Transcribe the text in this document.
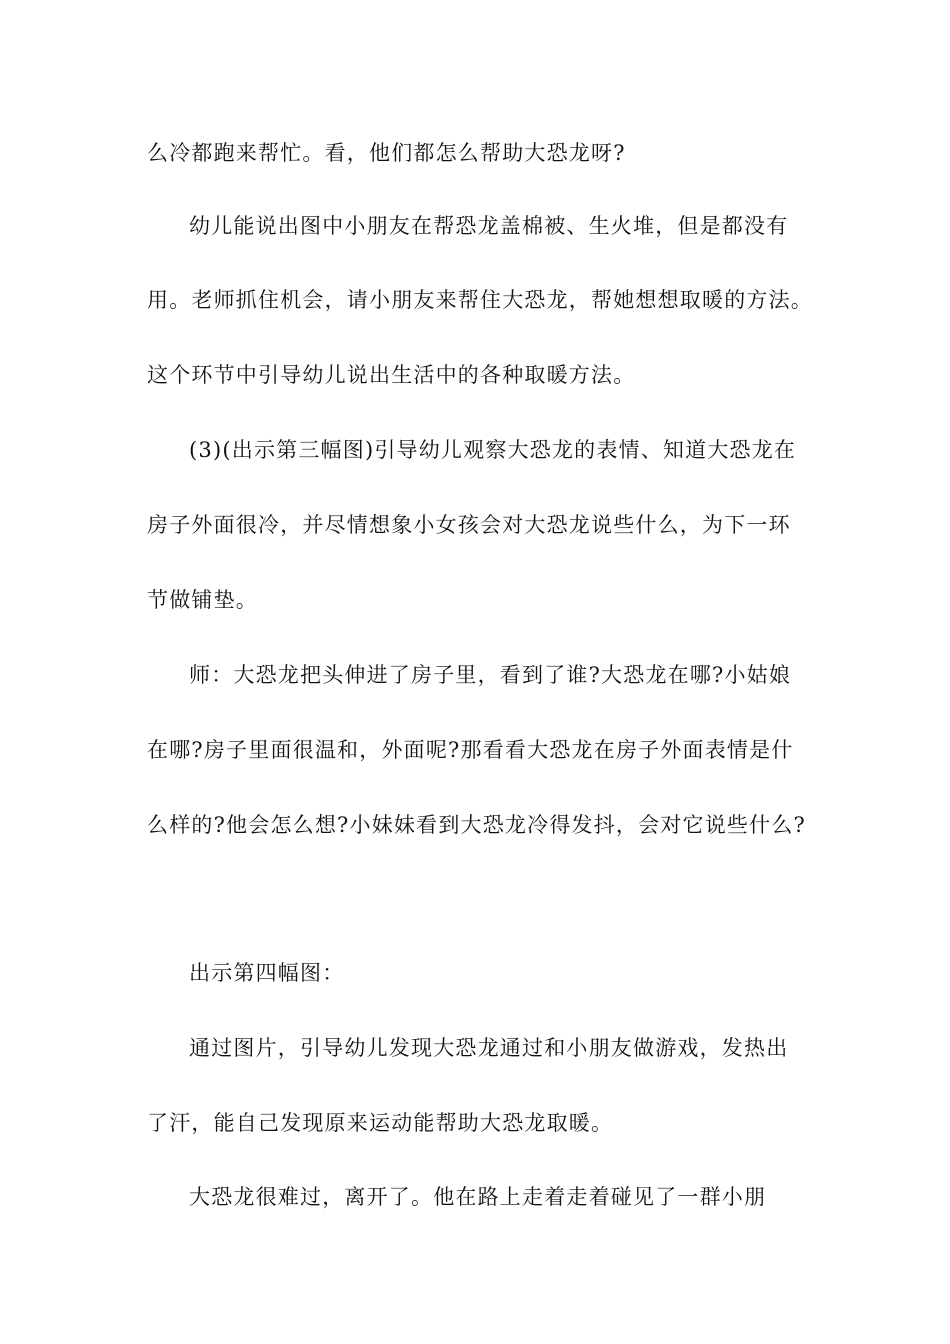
么冷都跑来帮忙。看，他们都怎么帮助大恐龙呀?
幼儿能说出图中小朋友在帮恐龙盖棉被、生火堆，但是都没有
用。老师抓住机会，请小朋友来帮住大恐龙，帮她想想取暖的方法。
这个环节中引导幼儿说出生活中的各种取暖方法。
(3)(出示第三幅图)引导幼儿观察大恐龙的表情、知道大恐龙在
房子外面很冷，并尽情想象小女孩会对大恐龙说些什么，为下一环
节做铺垫。
师：大恐龙把头伸进了房子里，看到了谁?大恐龙在哪?小姑娘
在哪?房子里面很温和，外面呢?那看看大恐龙在房子外面表情是什
么样的?他会怎么想?小妹妹看到大恐龙冷得发抖，会对它说些什么?
出示第四幅图：
通过图片，引导幼儿发现大恐龙通过和小朋友做游戏，发热出
了汗，能自己发现原来运动能帮助大恐龙取暖。
大恐龙很难过，离开了。他在路上走着走着碰见了一群小朋
